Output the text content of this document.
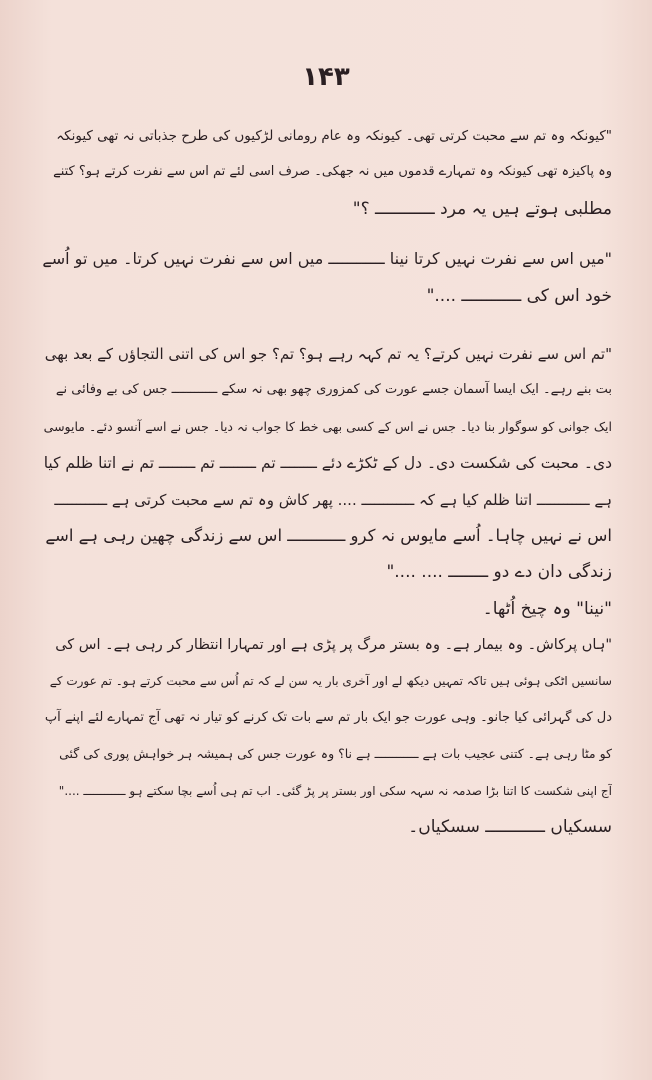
۱۴۳
"کیونکہ وہ تم سے محبت کرتی تھی۔ کیونکہ وہ عام رومانی لڑکیوں کی طرح جذباتی نہ تھی کیونکہ
وہ پاکیزہ تھی کیونکہ وہ تمہارے قدموں میں نہ جھکی۔ صرف اسی لئے تم اس سے نفرت کرتے ہو؟ کتنے
مطلبی ہوتے ہیں یہ مرد ــــــــــــ ؟"
"میں اس سے نفرت نہیں کرتا نینا ــــــــــــ میں اس سے نفرت نہیں کرتا۔ میں تو اُسے
خود اس کی ــــــــــــ ...."
"تم اس سے نفرت نہیں کرتے؟ یہ تم کہہ رہے ہو؟ تم؟ جو اس کی اتنی التجاؤں کے بعد بھی
بت بنے رہے۔ ایک ایسا آسمان جسے عورت کی کمزوری چھو بھی نہ سکے ــــــــــــ جس کی بے وفائی نے
ایک جوانی کو سوگوار بنا دیا۔ جس نے اس کے کسی بھی خط کا جواب نہ دیا۔ جس نے اسے آنسو دئے۔ مایوسی
دی۔ محبت کی شکست دی۔ دل کے ٹکڑے دئے ــــــــ تم ــــــــ تم ــــــــ تم نے اتنا ظلم کیا
ہے ــــــــــــ اتنا ظلم کیا ہے کہ ــــــــــــ .... پھر کاش وہ تم سے محبت کرتی ہے ــــــــــــ
اس نے نہیں چاہا۔ اُسے مایوس نہ کرو ــــــــــــ اس سے زندگی چھین رہی ہے اسے
زندگی دان دے دو ــــــــ .... ...."
"نینا" وہ چیخ اُٹھا۔
"ہاں پرکاش۔ وہ بیمار ہے۔ وہ بستر مرگ پر پڑی ہے اور تمہارا انتظار کر رہی ہے۔ اس کی
سانسیں اٹکی ہوئی ہیں تاکہ تمہیں دیکھ لے اور آخری بار یہ سن لے کہ تم اُس سے محبت کرتے ہو۔ تم عورت کے
دل کی گہرائی کیا جانو۔ وہی عورت جو ایک بار تم سے بات تک کرنے کو تیار نہ تھی آج تمہارے لئے اپنے آپ
کو مٹا رہی ہے۔ کتنی عجیب بات ہے ــــــــــــ ہے نا؟ وہ عورت جس کی ہمیشہ ہر خواہش پوری کی گئی
آج اپنی شکست کا اتنا بڑا صدمہ نہ سہہ سکی اور بستر پر پڑ گئی۔ اب تم ہی اُسے بچا سکتے ہو ــــــــــــ ...."
سسکیاں ــــــــــــ سسکیاں۔
